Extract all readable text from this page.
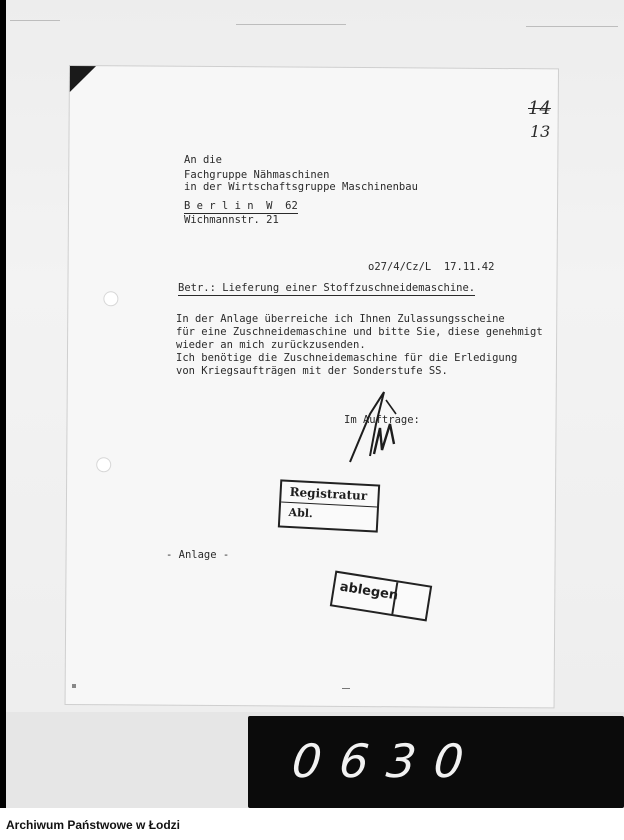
0630
14
13
An die
Fachgruppe Nähmaschinen
in der Wirtschaftsgruppe Maschinenbau
B e r l i n  W  62
Wichmannstr. 21
o27/4/Cz/L  17.11.42
Betr.: Lieferung einer Stoffzuschneidemaschine.
In der Anlage überreiche ich Ihnen Zulassungsscheine
für eine Zuschneidemaschine und bitte Sie, diese genehmigt
wieder an mich zurückzusenden.
Ich benötige die Zuschneidemaschine für die Erledigung
von Kriegsaufträgen mit der Sonderstufe SS.
Im Auftrage:
- Anlage -
Registratur
Abl.
ablegen
Archiwum Państwowe w Łodzi
